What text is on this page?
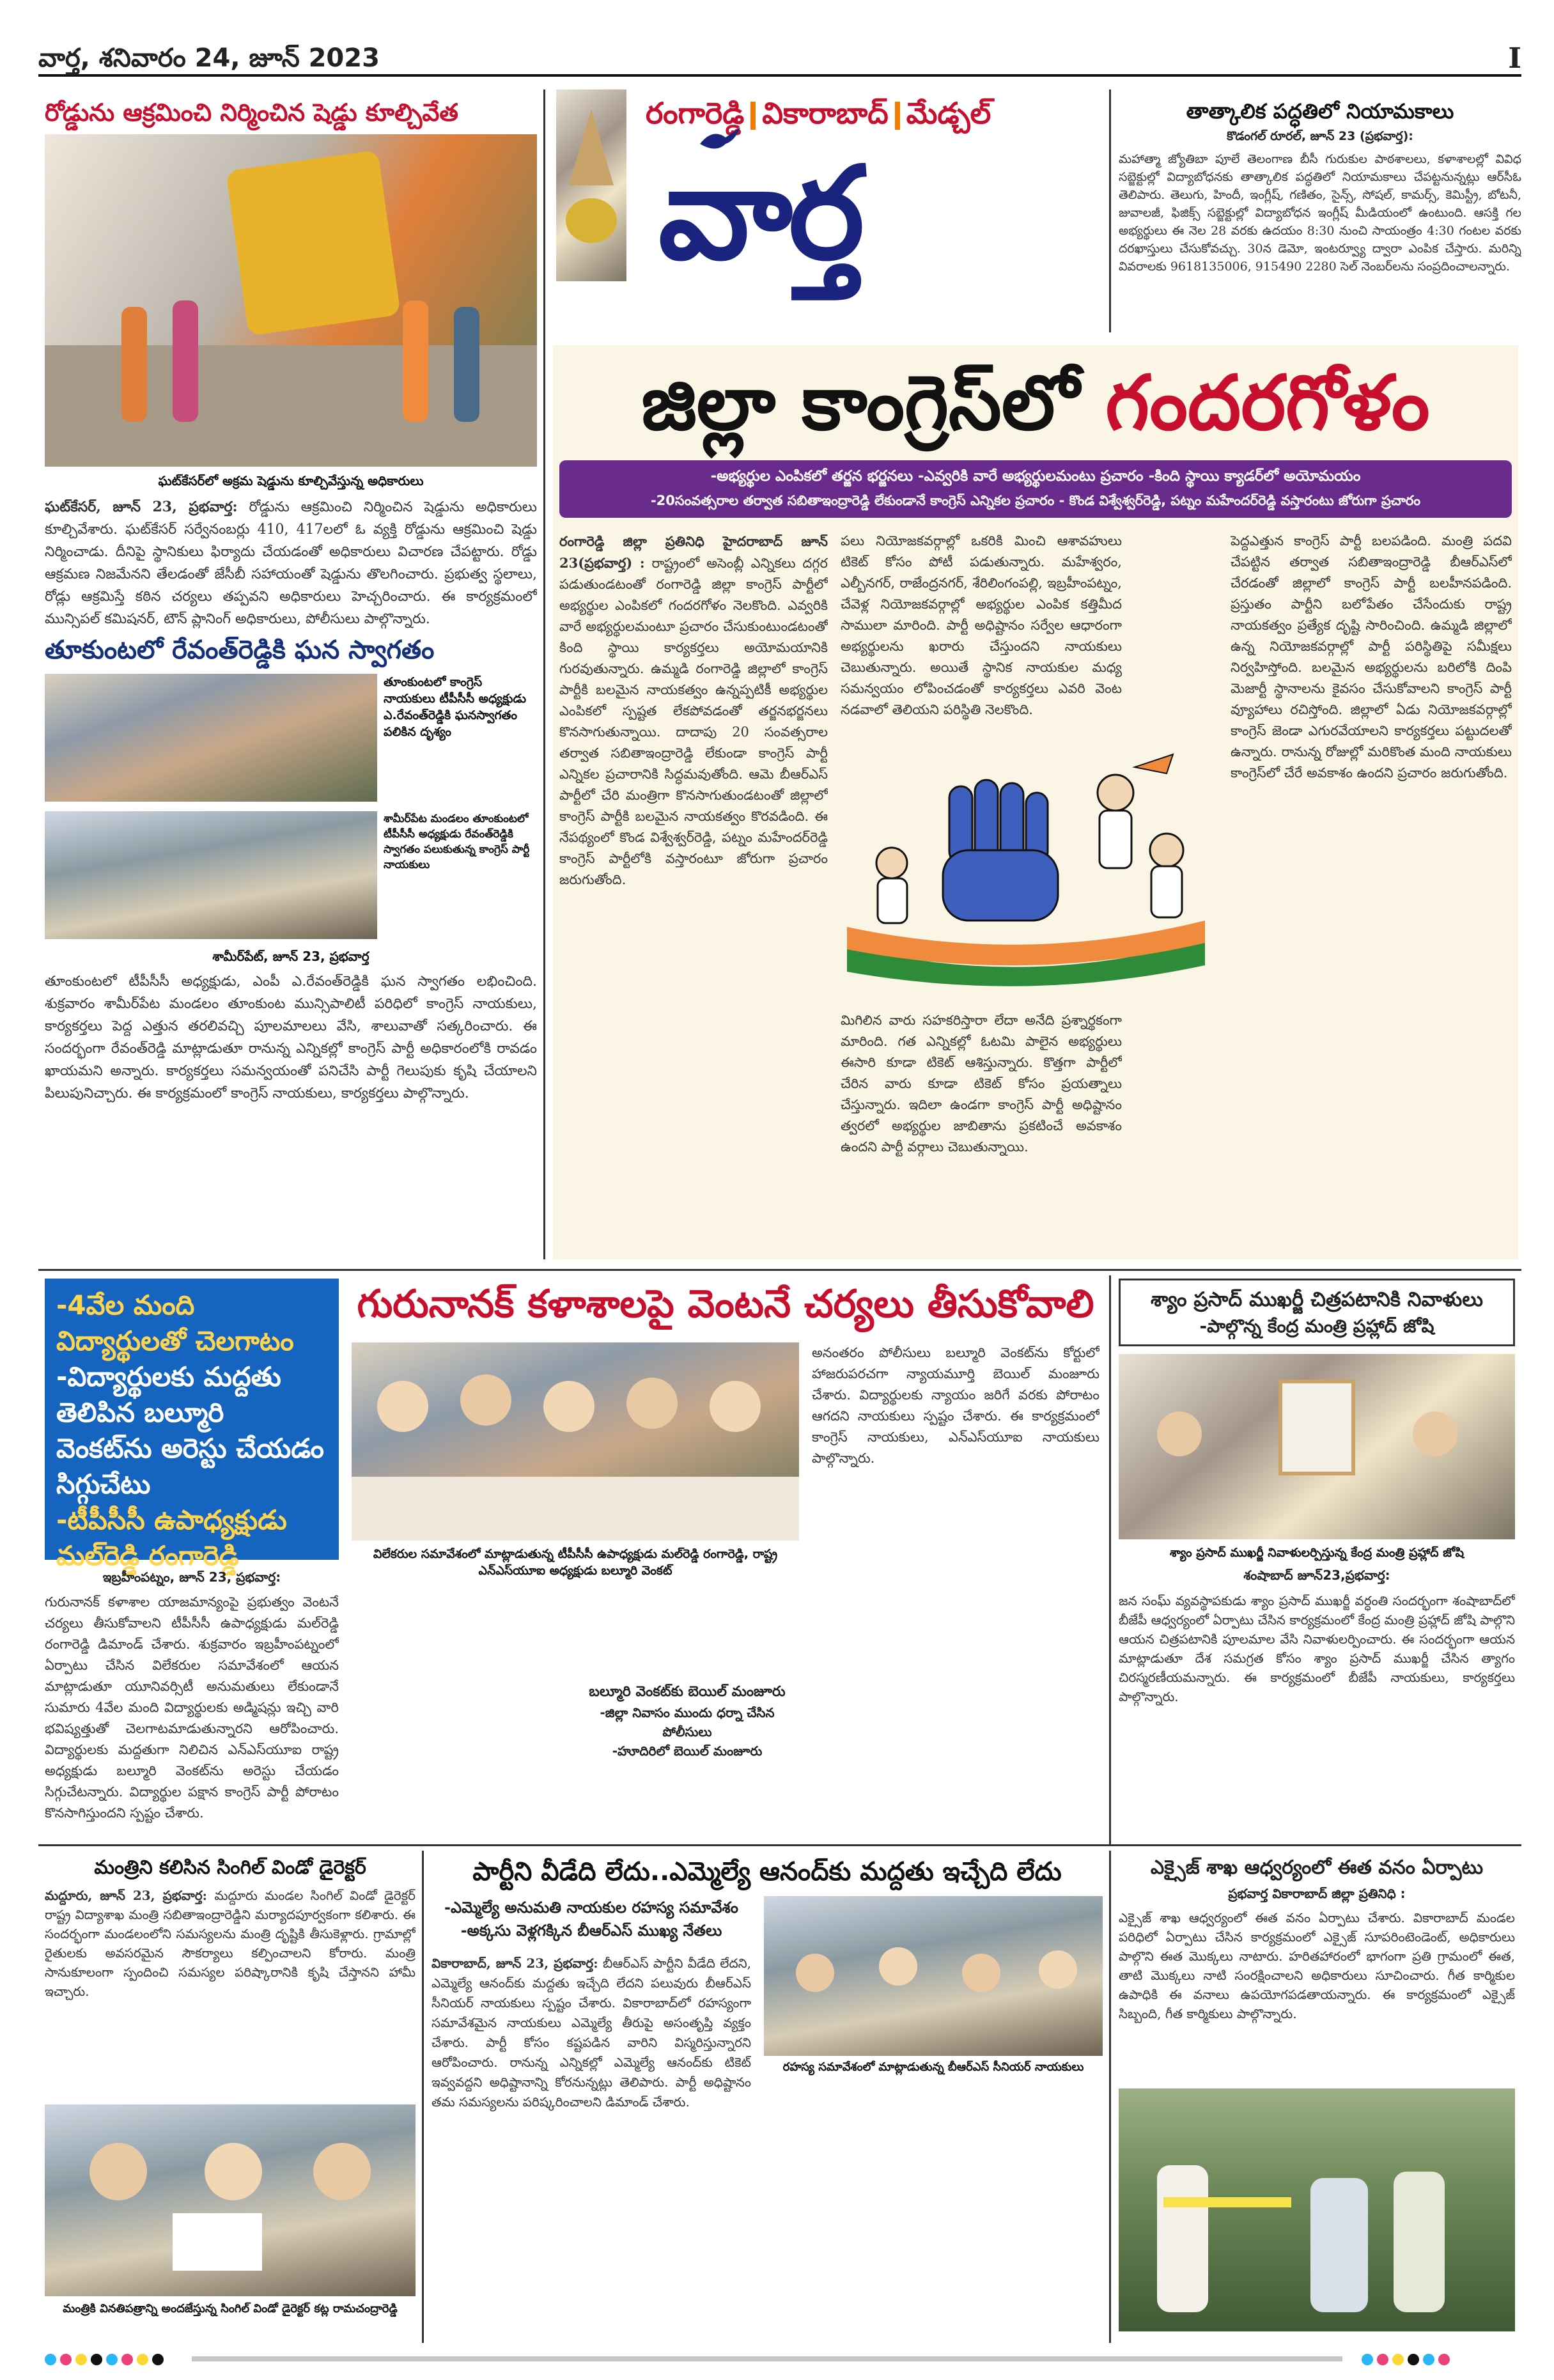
వార్త, శనివారం 24, జూన్ 2023	I
రోడ్డును ఆక్రమించి నిర్మించిన షెడ్డు కూల్చివేత
ఘట్‌కేసర్‌లో అక్రమ షెడ్డును కూల్చివేస్తున్న అధికారులు
ఘట్‌కేసర్, జూన్ 23, ప్రభవార్త: రోడ్డును ఆక్రమించి నిర్మించిన షెడ్డును అధికారులు కూల్చివేశారు. ఘట్‌కేసర్ సర్వేనంబర్లు 410, 417లలో ఓ వ్యక్తి రోడ్డును ఆక్రమించి షెడ్డు నిర్మించాడు. దీనిపై స్థానికులు ఫిర్యాదు చేయడంతో అధికారులు విచారణ చేపట్టారు. రోడ్డు ఆక్రమణ నిజమేనని తేలడంతో జేసీబీ సహాయంతో షెడ్డును తొలగించారు. ప్రభుత్వ స్థలాలు, రోడ్లు ఆక్రమిస్తే కఠిన చర్యలు తప్పవని అధికారులు హెచ్చరించారు. ఈ కార్యక్రమంలో మున్సిపల్ కమిషనర్, టౌన్ ప్లానింగ్ అధికారులు, పోలీసులు పాల్గొన్నారు.
తూకుంటలో రేవంత్‌రెడ్డికి ఘన స్వాగతం
తూంకుంటలో కాంగ్రెస్ నాయకులు టీపీసీసీ అధ్యక్షుడు ఎ.రేవంత్‌రెడ్డికి ఘనస్వాగతం పలికిన దృశ్యం
శామీర్‌పేట మండలం తూంకుంటలో టీపీసీసీ అధ్యక్షుడు రేవంత్‌రెడ్డికి స్వాగతం పలుకుతున్న కాంగ్రెస్ పార్టీ నాయకులు
శామీర్‌పేట్, జూన్ 23, ప్రభవార్త
తూంకుంటలో టీపీసీసీ అధ్యక్షుడు, ఎంపీ ఎ.రేవంత్‌రెడ్డికి ఘన స్వాగతం లభించింది. శుక్రవారం శామీర్‌పేట మండలం తూంకుంట మున్సిపాలిటీ పరిధిలో కాంగ్రెస్ నాయకులు, కార్యకర్తలు పెద్ద ఎత్తున తరలివచ్చి పూలమాలలు వేసి, శాలువాతో సత్కరించారు. ఈ సందర్భంగా రేవంత్‌రెడ్డి మాట్లాడుతూ రానున్న ఎన్నికల్లో కాంగ్రెస్ పార్టీ అధికారంలోకి రావడం ఖాయమని అన్నారు. కార్యకర్తలు సమన్వయంతో పనిచేసి పార్టీ గెలుపుకు కృషి చేయాలని పిలుపునిచ్చారు. ఈ కార్యక్రమంలో కాంగ్రెస్ నాయకులు, కార్యకర్తలు పాల్గొన్నారు.
రంగారెడ్డి వికారాబాద్ మేడ్చల్
వార్త
తాత్కాలిక పద్ధతిలో నియామకాలు
కొడంగల్ రూరల్, జూన్ 23 (ప్రభవార్త):
మహాత్మా జ్యోతిబా పూలే తెలంగాణ బీసీ గురుకుల పాఠశాలలు, కళాశాలల్లో వివిధ సబ్జెక్టుల్లో విద్యాబోధనకు తాత్కాలిక పద్ధతిలో నియామకాలు చేపట్టనున్నట్లు ఆర్‌సీఓ తెలిపారు. తెలుగు, హిందీ, ఇంగ్లీష్, గణితం, సైన్స్, సోషల్, కామర్స్, కెమిస్ట్రీ, బోటనీ, జువాలజీ, ఫిజిక్స్ సబ్జెక్టుల్లో విద్యాబోధన ఇంగ్లీష్ మీడియంలో ఉంటుంది. ఆసక్తి గల అభ్యర్థులు ఈ నెల 28 వరకు ఉదయం 8:30 నుంచి సాయంత్రం 4:30 గంటల వరకు దరఖాస్తులు చేసుకోవచ్చు. 30న డెమో, ఇంటర్వ్యూ ద్వారా ఎంపిక చేస్తారు. మరిన్ని వివరాలకు 9618135006, 915490 2280 సెల్ నెంబర్‌లను సంప్రదించాలన్నారు.
జిల్లా కాంగ్రెస్‌లో గందరగోళం
-అభ్యర్థుల ఎంపికలో తర్జన భర్జనలు -ఎవ్వరికి వారే అభ్యర్థులమంటు ప్రచారం -కింది స్థాయి క్యాడర్‌లో అయోమయం
-20సంవత్సరాల తర్వాత సబితాఇంద్రారెడ్డి లేకుండానే కాంగ్రెస్ ఎన్నికల ప్రచారం - కొండ విశ్వేశ్వర్‌రెడ్డి, పట్నం మహేందర్‌రెడ్డి వస్తారంటు జోరుగా ప్రచారం
రంగారెడ్డి జిల్లా ప్రతినిధి హైదరాబాద్ జూన్ 23(ప్రభవార్త) : రాష్ట్రంలో అసెంబ్లీ ఎన్నికలు దగ్గర పడుతుండటంతో రంగారెడ్డి జిల్లా కాంగ్రెస్ పార్టీలో అభ్యర్థుల ఎంపికలో గందరగోళం నెలకొంది. ఎవ్వరికి వారే అభ్యర్థులమంటూ ప్రచారం చేసుకుంటుండటంతో కింది స్థాయి కార్యకర్తలు అయోమయానికి గురవుతున్నారు. ఉమ్మడి రంగారెడ్డి జిల్లాలో కాంగ్రెస్ పార్టీకి బలమైన నాయకత్వం ఉన్నప్పటికీ అభ్యర్థుల ఎంపికలో స్పష్టత లేకపోవడంతో తర్జనభర్జనలు కొనసాగుతున్నాయి. దాదాపు 20 సంవత్సరాల తర్వాత సబితాఇంద్రారెడ్డి లేకుండా కాంగ్రెస్ పార్టీ ఎన్నికల ప్రచారానికి సిద్ధమవుతోంది. ఆమె బీఆర్ఎస్ పార్టీలో చేరి మంత్రిగా కొనసాగుతుండటంతో జిల్లాలో కాంగ్రెస్ పార్టీకి బలమైన నాయకత్వం కొరవడింది. ఈ నేపథ్యంలో కొండ విశ్వేశ్వర్‌రెడ్డి, పట్నం మహేందర్‌రెడ్డి కాంగ్రెస్ పార్టీలోకి వస్తారంటూ జోరుగా ప్రచారం జరుగుతోంది.
పలు నియోజకవర్గాల్లో ఒకరికి మించి ఆశావహులు టికెట్ కోసం పోటీ పడుతున్నారు. మహేశ్వరం, ఎల్బీనగర్, రాజేంద్రనగర్, శేరిలింగంపల్లి, ఇబ్రహీంపట్నం, చేవెళ్ల నియోజకవర్గాల్లో అభ్యర్థుల ఎంపిక కత్తిమీద సాములా మారింది. పార్టీ అధిష్టానం సర్వేల ఆధారంగా అభ్యర్థులను ఖరారు చేస్తుందని నాయకులు చెబుతున్నారు. అయితే స్థానిక నాయకుల మధ్య సమన్వయం లోపించడంతో కార్యకర్తలు ఎవరి వెంట నడవాలో తెలియని పరిస్థితి నెలకొంది.
మిగిలిన వారు సహకరిస్తారా లేదా అనేది ప్రశ్నార్థకంగా మారింది. గత ఎన్నికల్లో ఓటమి పాలైన అభ్యర్థులు ఈసారి కూడా టికెట్ ఆశిస్తున్నారు. కొత్తగా పార్టీలో చేరిన వారు కూడా టికెట్ కోసం ప్రయత్నాలు చేస్తున్నారు. ఇదిలా ఉండగా కాంగ్రెస్ పార్టీ అధిష్టానం త్వరలో అభ్యర్థుల జాబితాను ప్రకటించే అవకాశం ఉందని పార్టీ వర్గాలు చెబుతున్నాయి.
పెద్దఎత్తున కాంగ్రెస్ పార్టీ బలపడింది. మంత్రి పదవి చేపట్టిన తర్వాత సబితాఇంద్రారెడ్డి బీఆర్ఎస్‌లో చేరడంతో జిల్లాలో కాంగ్రెస్ పార్టీ బలహీనపడింది. ప్రస్తుతం పార్టీని బలోపేతం చేసేందుకు రాష్ట్ర నాయకత్వం ప్రత్యేక దృష్టి సారించింది. ఉమ్మడి జిల్లాలో ఉన్న నియోజకవర్గాల్లో పార్టీ పరిస్థితిపై సమీక్షలు నిర్వహిస్తోంది. బలమైన అభ్యర్థులను బరిలోకి దింపి మెజార్టీ స్థానాలను కైవసం చేసుకోవాలని కాంగ్రెస్ పార్టీ వ్యూహాలు రచిస్తోంది. జిల్లాలో ఏడు నియోజకవర్గాల్లో కాంగ్రెస్ జెండా ఎగురవేయాలని కార్యకర్తలు పట్టుదలతో ఉన్నారు. రానున్న రోజుల్లో మరికొంత మంది నాయకులు కాంగ్రెస్‌లో చేరే అవకాశం ఉందని ప్రచారం జరుగుతోంది.
-4వేల మంది విద్యార్థులతో చెలగాటం
-విద్యార్థులకు మద్దతు తెలిపిన బల్మూరి వెంకట్‌ను అరెస్టు చేయడం సిగ్గుచేటు
-టీపీసీసీ ఉపాధ్యక్షుడు మల్‌రెడ్డి రంగారెడ్డి
గురునానక్ కళాశాలపై వెంటనే చర్యలు తీసుకోవాలి
విలేకరుల సమావేశంలో మాట్లాడుతున్న టీపీసీసీ ఉపాధ్యక్షుడు మల్‌రెడ్డి రంగారెడ్డి, రాష్ట్ర ఎన్ఎస్‌యూఐ అధ్యక్షుడు బల్మూరి వెంకట్
అనంతరం పోలీసులు బల్మూరి వెంకట్‌ను కోర్టులో హాజరుపరచగా న్యాయమూర్తి బెయిల్ మంజూరు చేశారు. విద్యార్థులకు న్యాయం జరిగే వరకు పోరాటం ఆగదని నాయకులు స్పష్టం చేశారు. ఈ కార్యక్రమంలో కాంగ్రెస్ నాయకులు, ఎన్ఎస్‌యూఐ నాయకులు పాల్గొన్నారు.
ఇబ్రహీంపట్నం, జూన్ 23, ప్రభవార్త:
గురునానక్ కళాశాల యాజమాన్యంపై ప్రభుత్వం వెంటనే చర్యలు తీసుకోవాలని టీపీసీసీ ఉపాధ్యక్షుడు మల్‌రెడ్డి రంగారెడ్డి డిమాండ్ చేశారు. శుక్రవారం ఇబ్రహీంపట్నంలో ఏర్పాటు చేసిన విలేకరుల సమావేశంలో ఆయన మాట్లాడుతూ యూనివర్సిటీ అనుమతులు లేకుండానే సుమారు 4వేల మంది విద్యార్థులకు అడ్మిషన్లు ఇచ్చి వారి భవిష్యత్తుతో చెలగాటమాడుతున్నారని ఆరోపించారు. విద్యార్థులకు మద్దతుగా నిలిచిన ఎన్ఎస్‌యూఐ రాష్ట్ర అధ్యక్షుడు బల్మూరి వెంకట్‌ను అరెస్టు చేయడం సిగ్గుచేటన్నారు. విద్యార్థుల పక్షాన కాంగ్రెస్ పార్టీ పోరాటం కొనసాగిస్తుందని స్పష్టం చేశారు.
బల్మూరి వెంకట్‌కు బెయిల్ మంజూరు
-జిల్లా నివాసం ముందు ధర్నా చేసిన పోలీసులు
-హూదిరిలో బెయిల్ మంజూరు
శ్యాం ప్రసాద్ ముఖర్జీ చిత్రపటానికి నివాళులు
-పాల్గొన్న కేంద్ర మంత్రి ప్రహ్లాద్ జోషి
శ్యాం ప్రసాద్ ముఖర్జీ నివాళులర్పిస్తున్న కేంద్ర మంత్రి ప్రహ్లాద్ జోషి
శంషాబాద్ జూన్23,ప్రభవార్త:
జన సంఘ్ వ్యవస్థాపకుడు శ్యాం ప్రసాద్ ముఖర్జీ వర్ధంతి సందర్భంగా శంషాబాద్‌లో బీజేపీ ఆధ్వర్యంలో ఏర్పాటు చేసిన కార్యక్రమంలో కేంద్ర మంత్రి ప్రహ్లాద్ జోషి పాల్గొని ఆయన చిత్రపటానికి పూలమాల వేసి నివాళులర్పించారు. ఈ సందర్భంగా ఆయన మాట్లాడుతూ దేశ సమగ్రత కోసం శ్యాం ప్రసాద్ ముఖర్జీ చేసిన త్యాగం చిరస్మరణీయమన్నారు. ఈ కార్యక్రమంలో బీజేపీ నాయకులు, కార్యకర్తలు పాల్గొన్నారు.
ఎక్సైజ్ శాఖ ఆధ్వర్యంలో ఈత వనం ఏర్పాటు
ప్రభవార్త వికారాబాద్ జిల్లా ప్రతినిధి :
ఎక్సైజ్ శాఖ ఆధ్వర్యంలో ఈత వనం ఏర్పాటు చేశారు. వికారాబాద్ మండల పరిధిలో ఏర్పాటు చేసిన కార్యక్రమంలో ఎక్సైజ్ సూపరింటెండెంట్, అధికారులు పాల్గొని ఈత మొక్కలు నాటారు. హరితహారంలో భాగంగా ప్రతి గ్రామంలో ఈత, తాటి మొక్కలు నాటి సంరక్షించాలని అధికారులు సూచించారు. గీత కార్మికుల ఉపాధికి ఈ వనాలు ఉపయోగపడతాయన్నారు. ఈ కార్యక్రమంలో ఎక్సైజ్ సిబ్బంది, గీత కార్మికులు పాల్గొన్నారు.
మంత్రిని కలిసిన సింగిల్ విండో డైరెక్టర్
మద్దూరు, జూన్ 23, ప్రభవార్త: మద్దూరు మండల సింగిల్ విండో డైరెక్టర్ రాష్ట్ర విద్యాశాఖ మంత్రి సబితాఇంద్రారెడ్డిని మర్యాదపూర్వకంగా కలిశారు. ఈ సందర్భంగా మండలంలోని సమస్యలను మంత్రి దృష్టికి తీసుకెళ్లారు. గ్రామాల్లో రైతులకు అవసరమైన సౌకర్యాలు కల్పించాలని కోరారు. మంత్రి సానుకూలంగా స్పందించి సమస్యల పరిష్కారానికి కృషి చేస్తానని హామీ ఇచ్చారు.
మంత్రికి వినతిపత్రాన్ని అందజేస్తున్న సింగిల్ విండో డైరెక్టర్ కట్ల రామచంద్రారెడ్డి
పార్టీని వీడేది లేదు..ఎమ్మెల్యే ఆనంద్‌కు మద్దతు ఇచ్చేది లేదు
-ఎమ్మెల్యే అనుమతి నాయకుల రహస్య సమావేశం
-అక్కసు వెళ్లగక్కిన బీఆర్ఎస్ ముఖ్య నేతలు
వికారాబాద్, జూన్ 23, ప్రభవార్త: బీఆర్ఎస్ పార్టీని వీడేది లేదని, ఎమ్మెల్యే ఆనంద్‌కు మద్దతు ఇచ్చేది లేదని పలువురు బీఆర్ఎస్ సీనియర్ నాయకులు స్పష్టం చేశారు. వికారాబాద్‌లో రహస్యంగా సమావేశమైన నాయకులు ఎమ్మెల్యే తీరుపై అసంతృప్తి వ్యక్తం చేశారు. పార్టీ కోసం కష్టపడిన వారిని విస్మరిస్తున్నారని ఆరోపించారు. రానున్న ఎన్నికల్లో ఎమ్మెల్యే ఆనంద్‌కు టికెట్ ఇవ్వవద్దని అధిష్టానాన్ని కోరనున్నట్లు తెలిపారు. పార్టీ అధిష్టానం తమ సమస్యలను పరిష్కరించాలని డిమాండ్ చేశారు.
రహస్య సమావేశంలో మాట్లాడుతున్న బీఆర్ఎస్ సీనియర్ నాయకులు
